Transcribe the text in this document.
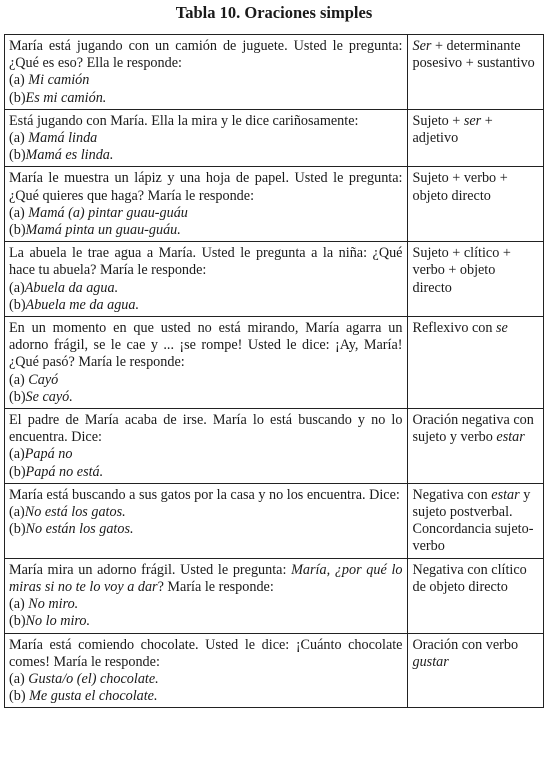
Tabla 10. Oraciones simples
María está jugando con un camión de juguete. Usted le pregunta: ¿Qué es eso? Ella le responde:
(a) Mi camión
(b)Es mi camión.	Ser + determinante posesivo + sustantivo

Está jugando con María. Ella la mira y le dice cariñosamente:
(a) Mamá linda
(b)Mamá es linda.	Sujeto + ser + adjetivo

María le muestra un lápiz y una hoja de papel. Usted le pregunta: ¿Qué quieres que haga? María le responde:
(a) Mamá (a) pintar guau-guáu
(b)Mamá pinta un guau-guáu.	Sujeto + verbo + objeto directo

La abuela le trae agua a María. Usted le pregunta a la niña: ¿Qué hace tu abuela? María le responde:
(a)Abuela da agua.
(b)Abuela me da agua.	Sujeto + clítico + verbo + objeto directo

En un momento en que usted no está mirando, María agarra un adorno frágil, se le cae y ... ¡se rompe! Usted le dice: ¡Ay, María! ¿Qué pasó? María le responde:
(a) Cayó
(b)Se cayó.	Reflexivo con se

El padre de María acaba de irse. María lo está buscando y no lo encuentra. Dice:
(a)Papá no
(b)Papá no está.	Oración negativa con sujeto y verbo estar

María está buscando a sus gatos por la casa y no los encuentra. Dice:
(a)No está los gatos.
(b)No están los gatos.	Negativa con estar y sujeto postverbal. Concordancia sujeto-verbo

María mira un adorno frágil. Usted le pregunta: María, ¿por qué lo miras si no te lo voy a dar? María le responde:
(a) No miro.
(b)No lo miro.	Negativa con clítico de objeto directo

María está comiendo chocolate. Usted le dice: ¡Cuánto chocolate comes! María le responde:
(a) Gusta/o (el) chocolate.
(b) Me gusta el chocolate.	Oración con verbo gustar
